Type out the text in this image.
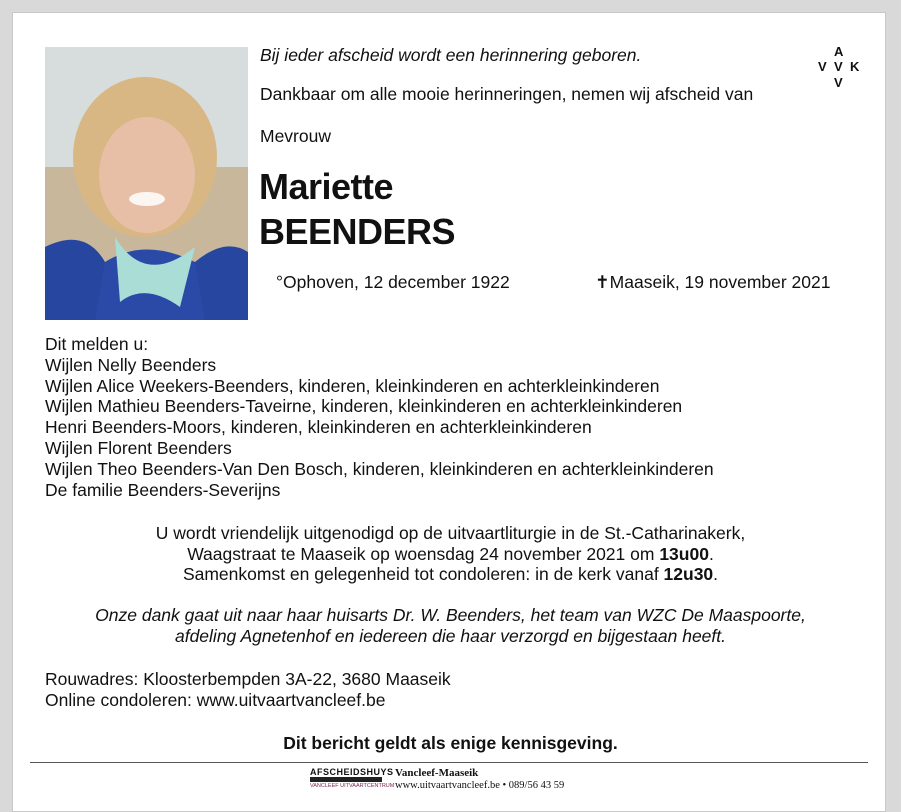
Bij ieder afscheid wordt een herinnering geboren.
Dankbaar om alle mooie herinneringen, nemen wij afscheid van
Mevrouw
Mariette
BEENDERS
°Ophoven, 12 december 1922	✝Maaseik, 19 november 2021
A
V V K
V
Dit melden u:
Wijlen Nelly Beenders
Wijlen Alice Weekers-Beenders, kinderen, kleinkinderen en achterkleinkinderen
Wijlen Mathieu Beenders-Taveirne, kinderen, kleinkinderen en achterkleinkinderen
Henri Beenders-Moors, kinderen, kleinkinderen en achterkleinkinderen
Wijlen Florent Beenders
Wijlen Theo Beenders-Van Den Bosch, kinderen, kleinkinderen en achterkleinkinderen
De familie Beenders-Severijns
U wordt vriendelijk uitgenodigd op de uitvaartliturgie in de St.-Catharinakerk,
Waagstraat te Maaseik op woensdag 24 november 2021 om 13u00.
Samenkomst en gelegenheid tot condoleren: in de kerk vanaf 12u30.
Onze dank gaat uit naar haar huisarts Dr. W. Beenders, het team van WZC De Maaspoorte,
afdeling Agnetenhof en iedereen die haar verzorgd en bijgestaan heeft.
Rouwadres: Kloosterbempden 3A-22, 3680 Maaseik
Online condoleren: www.uitvaartvancleef.be
Dit bericht geldt als enige kennisgeving.
AFSCHEIDSHUYS
VANCLEEF UITVAARTCENTRUM
Vancleef-Maaseik
www.uitvaartvancleef.be • 089/56 43 59
